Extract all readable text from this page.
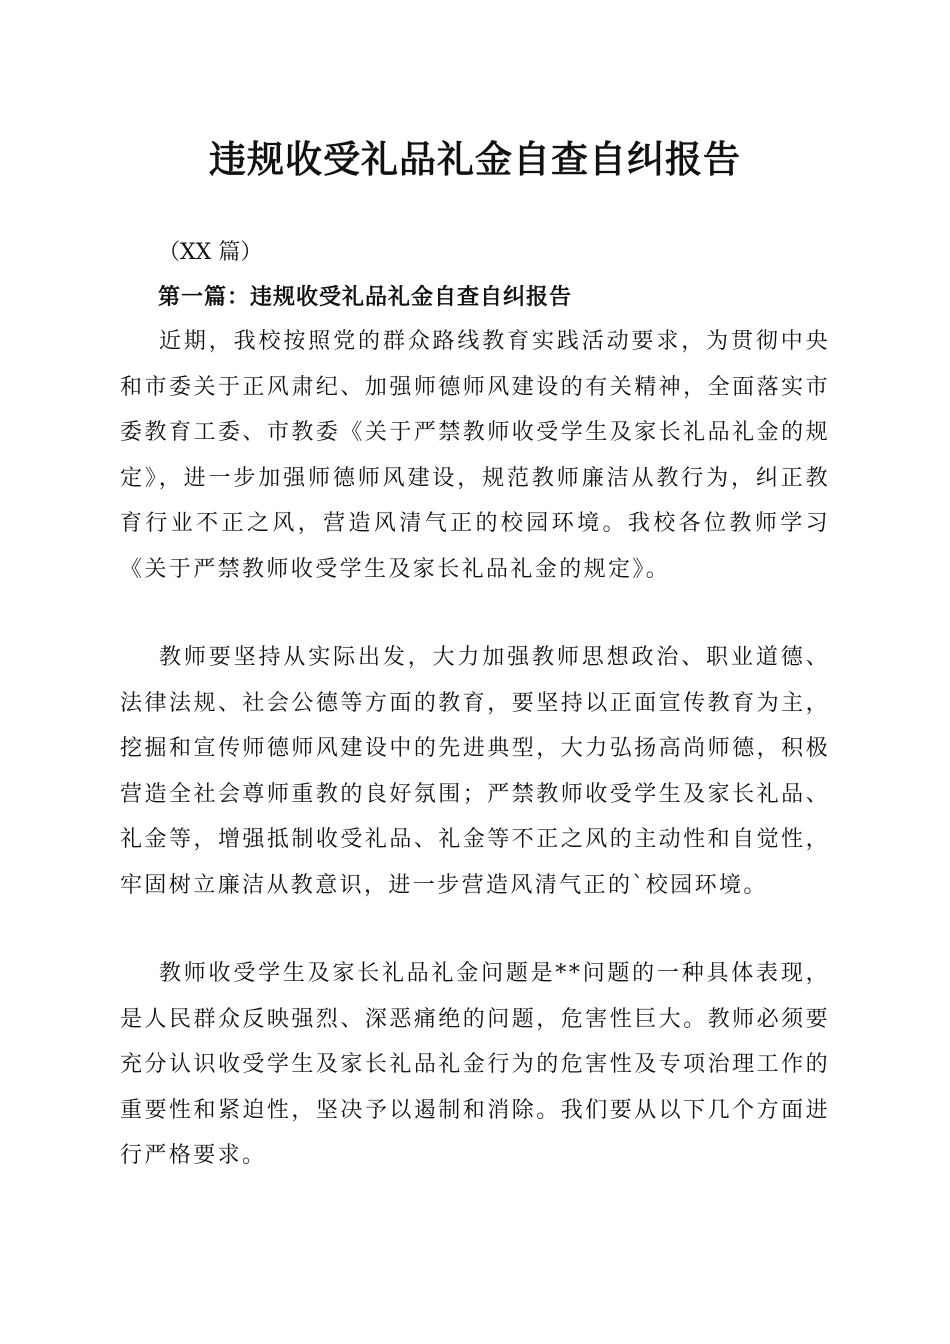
违规收受礼品礼金自查自纠报告

（XX 篇）

第一篇：违规收受礼品礼金自查自纠报告

近期，我校按照党的群众路线教育实践活动要求，为贯彻中央和市委关于正风肃纪、加强师德师风建设的有关精神，全面落实市委教育工委、市教委《关于严禁教师收受学生及家长礼品礼金的规定》，进一步加强师德师风建设，规范教师廉洁从教行为，纠正教育行业不正之风，营造风清气正的校园环境。我校各位教师学习《关于严禁教师收受学生及家长礼品礼金的规定》。

教师要坚持从实际出发，大力加强教师思想政治、职业道德、法律法规、社会公德等方面的教育，要坚持以正面宣传教育为主，挖掘和宣传师德师风建设中的先进典型，大力弘扬高尚师德，积极营造全社会尊师重教的良好氛围；严禁教师收受学生及家长礼品、礼金等，增强抵制收受礼品、礼金等不正之风的主动性和自觉性，牢固树立廉洁从教意识，进一步营造风清气正的`校园环境。

教师收受学生及家长礼品礼金问题是**问题的一种具体表现，是人民群众反映强烈、深恶痛绝的问题，危害性巨大。教师必须要充分认识收受学生及家长礼品礼金行为的危害性及专项治理工作的重要性和紧迫性，坚决予以遏制和消除。我们要从以下几个方面进行严格要求。
